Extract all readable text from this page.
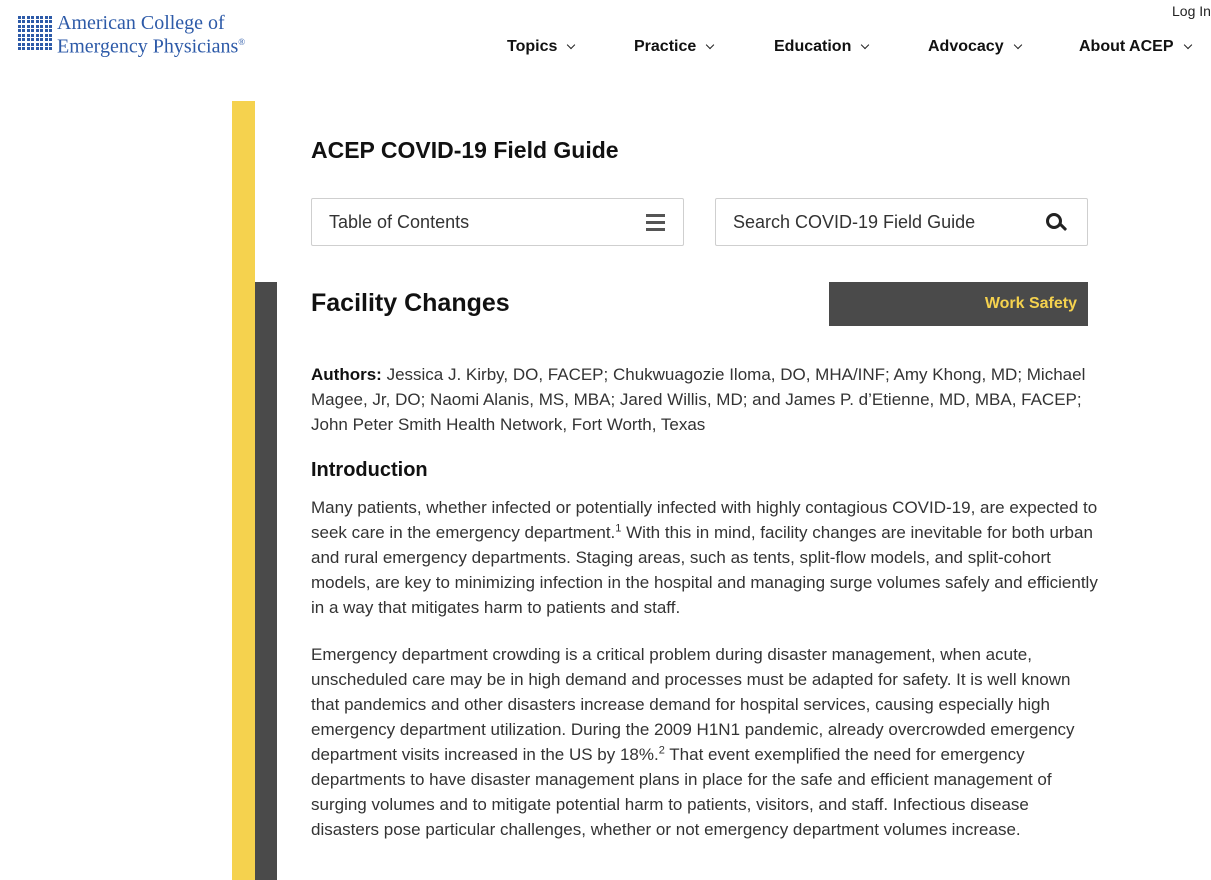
American College of
Emergency Physicians®
Log In
Topics	Practice	Education	Advocacy	About ACEP
ACEP COVID-19 Field Guide
Table of Contents
Search COVID-19 Field Guide
Facility Changes	Work Safety

Authors: Jessica J. Kirby, DO, FACEP; Chukwuagozie Iloma, DO, MHA/INF; Amy Khong, MD; Michael Magee, Jr, DO; Naomi Alanis, MS, MBA; Jared Willis, MD; and James P. d’Etienne, MD, MBA, FACEP; John Peter Smith Health Network, Fort Worth, Texas

Introduction

Many patients, whether infected or potentially infected with highly contagious COVID-19, are expected to seek care in the emergency department.$^1$ With this in mind, facility changes are inevitable for both urban and rural emergency departments. Staging areas, such as tents, split-flow models, and split-cohort models, are key to minimizing infection in the hospital and managing surge volumes safely and efficiently in a way that mitigates harm to patients and staff.

Emergency department crowding is a critical problem during disaster management, when acute, unscheduled care may be in high demand and processes must be adapted for safety. It is well known that pandemics and other disasters increase demand for hospital services, causing especially high emergency department utilization. During the 2009 H1N1 pandemic, already overcrowded emergency department visits increased in the US by 18%.$^2$ That event exemplified the need for emergency departments to have disaster management plans in place for the safe and efficient management of surging volumes and to mitigate potential harm to patients, visitors, and staff. Infectious disease disasters pose particular challenges, whether or not emergency department volumes increase.
